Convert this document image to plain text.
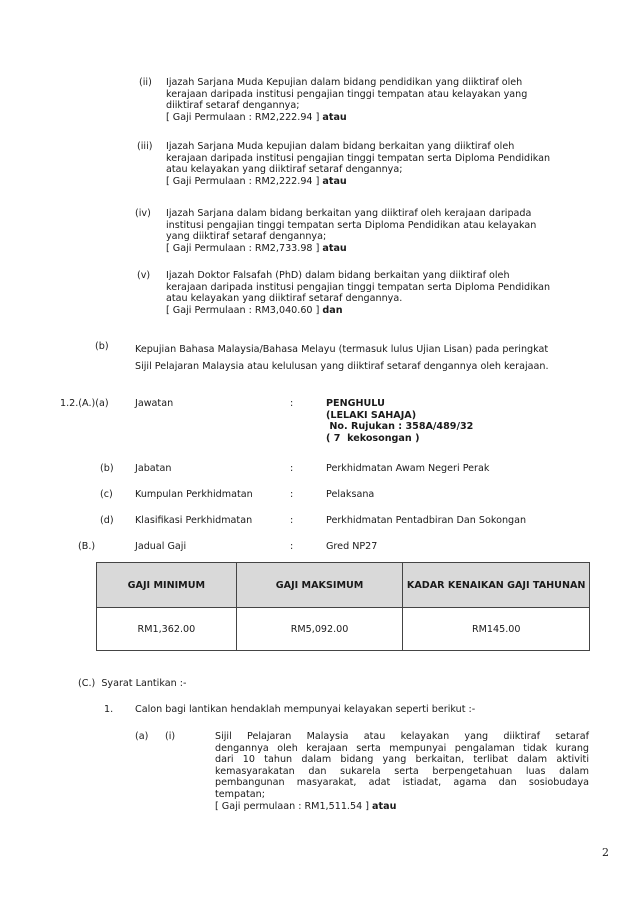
(ii) Ijazah Sarjana Muda Kepujian dalam bidang pendidikan yang diiktiraf oleh
kerajaan daripada institusi pengajian tinggi tempatan atau kelayakan yang
diiktiraf setaraf dengannya;
[ Gaji Permulaan : RM2,222.94 ] atau
(iii) Ijazah Sarjana Muda kepujian dalam bidang berkaitan yang diiktiraf oleh
kerajaan daripada institusi pengajian tinggi tempatan serta Diploma Pendidikan
atau kelayakan yang diiktiraf setaraf dengannya;
[ Gaji Permulaan : RM2,222.94 ] atau
(iv) Ijazah Sarjana dalam bidang berkaitan yang diiktiraf oleh kerajaan daripada
institusi pengajian tinggi tempatan serta Diploma Pendidikan atau kelayakan
yang diiktiraf setaraf dengannya;
[ Gaji Permulaan : RM2,733.98 ] atau
(v) Ijazah Doktor Falsafah (PhD) dalam bidang berkaitan yang diiktiraf oleh
kerajaan daripada institusi pengajian tinggi tempatan serta Diploma Pendidikan
atau kelayakan yang diiktiraf setaraf dengannya.
[ Gaji Permulaan : RM3,040.60 ] dan
(b)	Kepujian Bahasa Malaysia/Bahasa Melayu (termasuk lulus Ujian Lisan) pada peringkat
Sijil Pelajaran Malaysia atau kelulusan yang diiktiraf setaraf dengannya oleh kerajaan.
1.2.(A.)(a)	Jawatan	:	PENGHULU
(LELAKI SAHAJA)
No. Rujukan : 358A/489/32
( 7  kekosongan )
(b) Jabatan	:	Perkhidmatan Awam Negeri Perak
(c) Kumpulan Perkhidmatan	:	Pelaksana
(d) Klasifikasi Perkhidmatan	:	Perkhidmatan Pentadbiran Dan Sokongan
(B.)	Jadual Gaji	:	Gred NP27
GAJI MINIMUM	GAJI MAKSIMUM	KADAR KENAIKAN GAJI TAHUNAN
RM1,362.00	RM5,092.00	RM145.00
(C.)  Syarat Lantikan :-
1. Calon bagi lantikan hendaklah mempunyai kelayakan seperti berikut :-
(a) (i)	Sijil Pelajaran Malaysia atau kelayakan yang diiktiraf setaraf
dengannya oleh kerajaan serta mempunyai pengalaman tidak kurang
dari 10 tahun dalam bidang yang berkaitan, terlibat dalam aktiviti
kemasyarakatan dan sukarela serta berpengetahuan luas dalam
pembangunan masyarakat, adat istiadat, agama dan sosiobudaya
tempatan;
[ Gaji permulaan : RM1,511.54 ] atau
2
